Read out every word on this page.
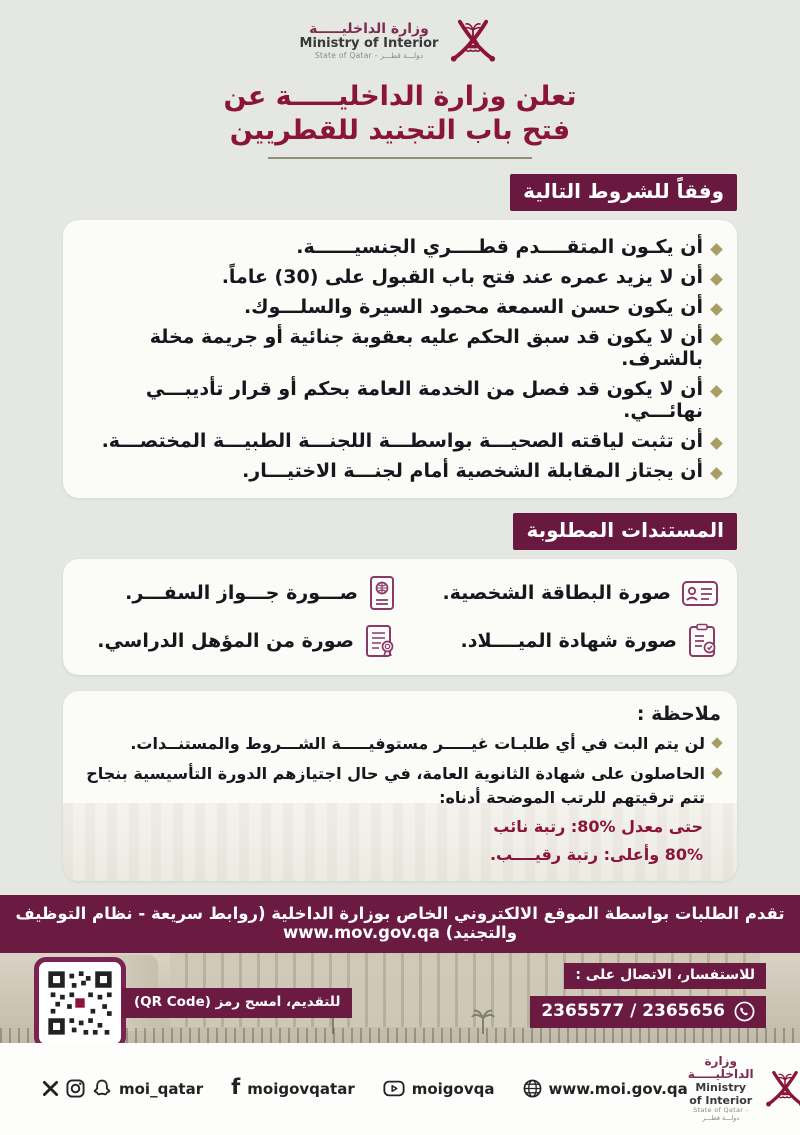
وزارة الداخليـــــة
Ministry of Interior
State of Qatar - دولـــة قطـــر
تعلن وزارة الداخليـــــة عن
فتح باب التجنيد للقطريين
وفقاً للشروط التالية
أن يكـون المتقــــدم قطــــري الجنسيــــــة.
أن لا يزيد عمره عند فتح باب القبول على (30) عاماً.
أن يكون حسن السمعة محمود السيرة والسلـــوك.
أن لا يكون قد سبق الحكم عليه بعقوبة جنائية أو جريمة مخلة بالشرف.
أن لا يكون قد فصل من الخدمة العامة بحكم أو قرار تأديبـــي نهائـــي.
أن تثبت لياقته الصحيـــة بواسطـــة اللجنـــة الطبيـــة المختصـــة.
أن يجتاز المقابلة الشخصية أمام لجنـــة الاختيـــار.
المستندات المطلوبة
صورة البطاقة الشخصية.
صـــورة جـــواز السفـــر.
صورة شهادة الميــــلاد.
صورة من المؤهل الدراسي.
ملاحظة :
لن يتم البت في أي طلبـات غيـــــر مستوفيـــــة الشـــروط والمستنــدات.
الحاصلون على شهادة الثانوية العامة، في حال اجتيازهم الدورة التأسيسية بنجاح تتم ترقيتهم للرتب الموضحة أدناه:
حتى معدل %80: رتبة نائب
80% وأعلى: رتبة رقيــــب.
تقدم الطلبات بواسطة الموقع الالكتروني الخاص بوزارة الداخلية (روابط سريعة - نظام التوظيف والتجنيد) www.mov.gov.qa
للتقديم، امسح رمز (QR Code)
للاستفسار، الاتصال على :
2365577 / 2365656
moi_qatar f moigovqatar	moigovqa	www.moi.gov.qa
وزارة الداخليـــــة
Ministry of Interior
State of Qatar - دولـــة قطـــر
